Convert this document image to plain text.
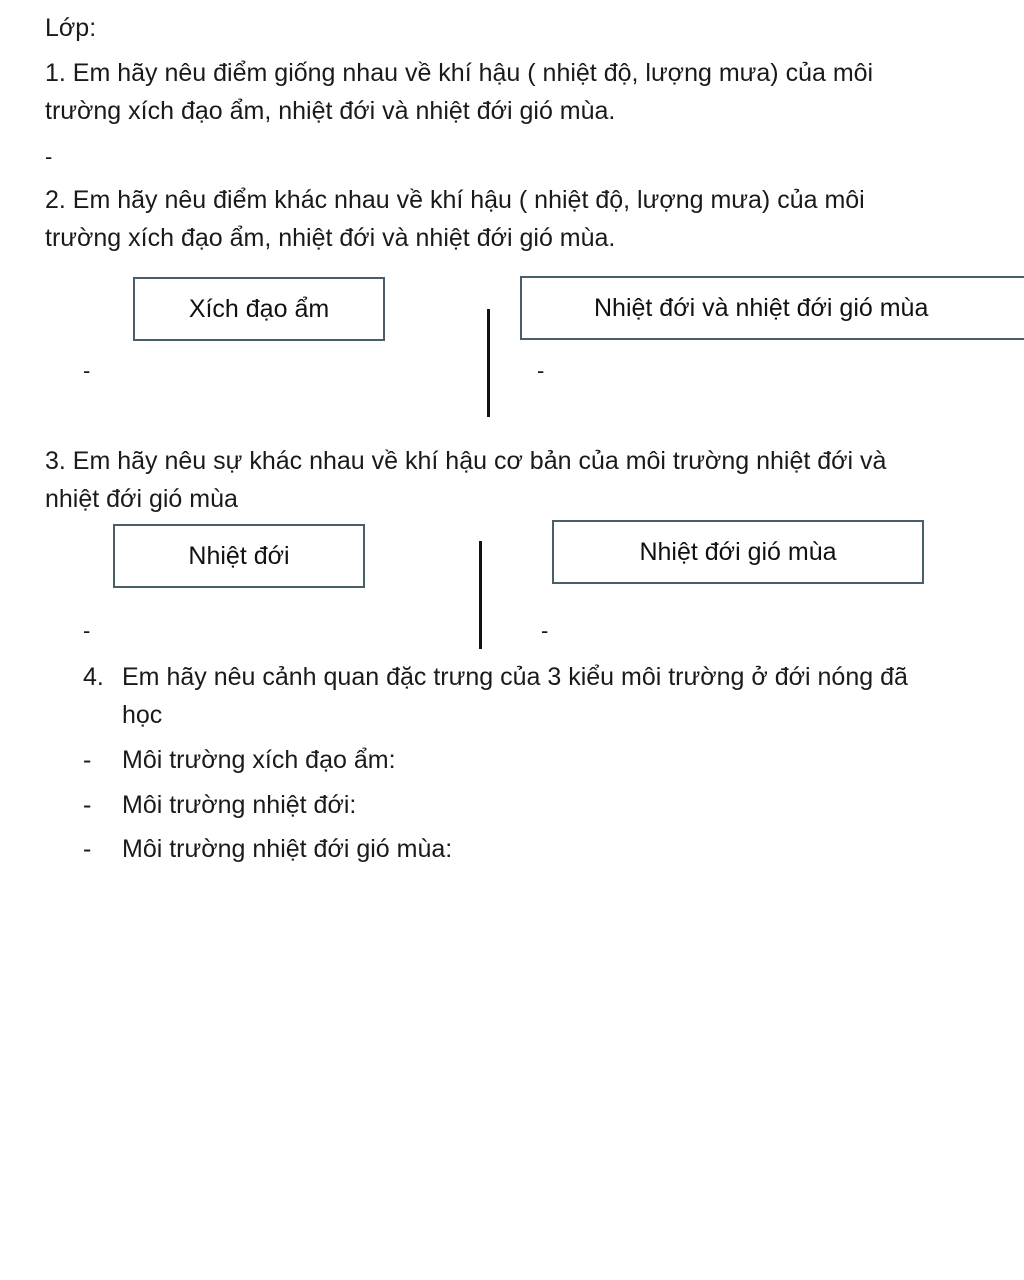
Lớp:
1. Em hãy nêu điểm giống nhau về khí hậu ( nhiệt độ, lượng mưa) của môi
trường xích đạo ẩm, nhiệt đới và nhiệt đới gió mùa.
-
2. Em hãy nêu điểm khác nhau về khí hậu ( nhiệt độ, lượng mưa) của môi
trường xích đạo ẩm, nhiệt đới và nhiệt đới gió mùa.
Xích đạo ẩm	Nhiệt đới và nhiệt đới gió mùa
-	-
3. Em hãy nêu sự khác nhau về khí hậu cơ bản của môi trường nhiệt đới và
nhiệt đới gió mùa
Nhiệt đới	Nhiệt đới gió mùa
-	-
4. Em hãy nêu cảnh quan đặc trưng của 3 kiểu môi trường ở đới nóng đã
học
- Môi trường xích đạo ẩm:
- Môi trường nhiệt đới:
- Môi trường nhiệt đới gió mùa:
